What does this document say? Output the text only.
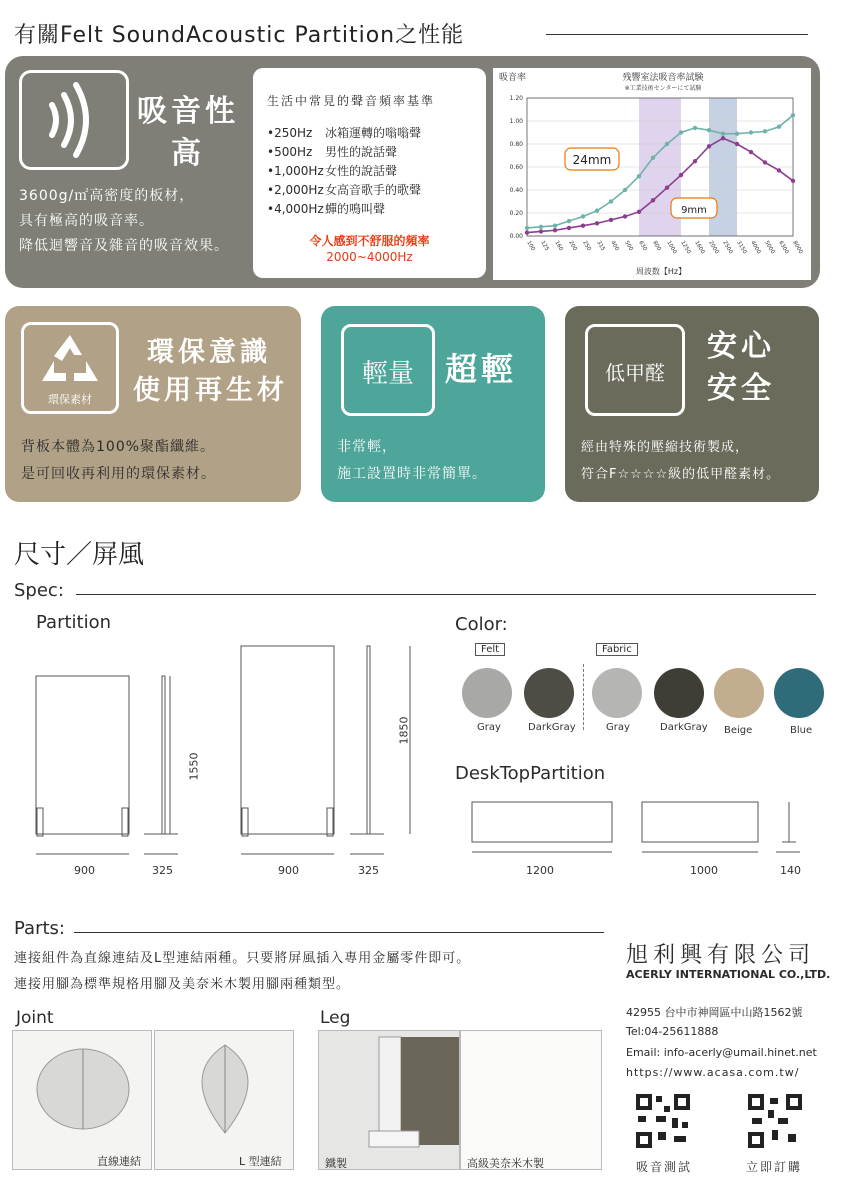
有關Felt SoundAcoustic Partition之性能
吸音性
高
3600g/㎡高密度的板材，
具有極高的吸音率。
降低迴響音及雜音的吸音效果。
生活中常見的聲音頻率基準
•250Hz 冰箱運轉的嗡嗡聲
•500Hz 男性的說話聲
•1,000Hz女性的說話聲
•2,000Hz女高音歌手的歌聲
•4,000Hz蟬的鳴叫聲
令人感到不舒服的頻率
2000~4000Hz
0.00
0.20
0.40
0.60
0.80
1.00
1.20
100 125 160 200 250 315 400 500 630 800 1000 1250 1600 2000 2500 3150 4000 5000 6300 8000
吸音率	残響室法吸音率試験
※工業技術センターにて試験
周波数【Hz】
24mm
9mm
環保素材
環保意識
使用再生材
背板本體為100%聚酯纖維。
是可回收再利用的環保素材。
輕量 超輕
非常輕，
施工設置時非常簡單。
低甲醛
安心
安全
經由特殊的壓縮技術製成，
符合F☆☆☆☆級的低甲醛素材。
尺寸／屏風
Spec:
Partition
900	325
1550
900	325
1850
Color:
Felt	Fabric
Gray	DarkGray	Gray	DarkGray Beige	Blue
DeskTopPartition
1200	1000	140
Parts:
連接組件為直線連結及L型連結兩種。只要將屏風插入專用金屬零件即可。
連接用腳為標準規格用腳及美奈米木製用腳兩種類型。
Joint	Leg
直線連結	L 型連結	鐵製	高級美奈米木製
旭利興有限公司
ACERLY INTERNATIONAL CO.,LTD.
42955 台中市神岡區中山路1562號
Tel:04-25611888
Email: info-acerly@umail.hinet.net
https://www.acasa.com.tw/
吸音測試	立即訂購
